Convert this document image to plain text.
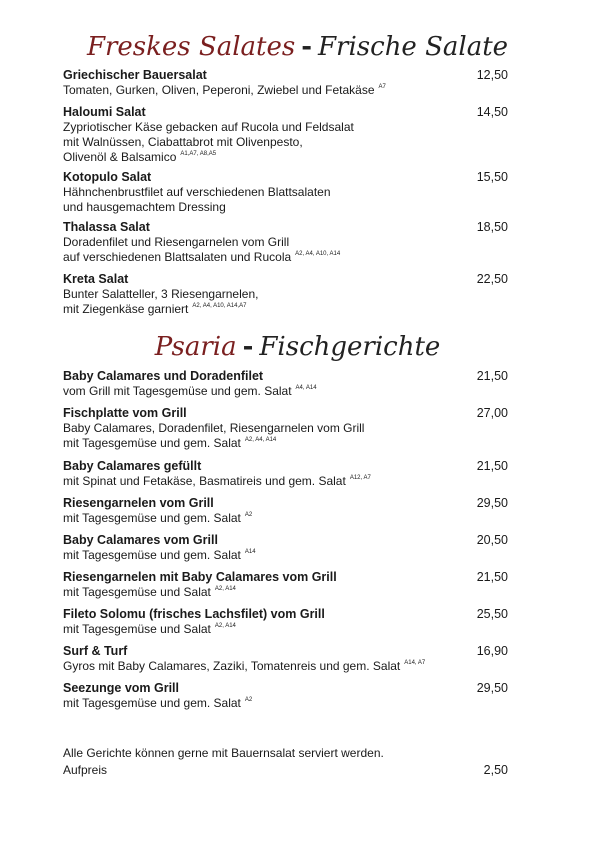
Freskes Salates - Frische Salate
Griechischer Bauersalat
Tomaten, Gurken, Oliven, Peperoni, Zwiebel und Fetakäse $^{A7}$
12,50
Haloumi Salat
Zypriotischer Käse gebacken auf Rucola und Feldsalat
mit Walnüssen, Ciabattabrot mit Olivenpesto,
Olivenöl & Balsamico $^{A1,A7, A8,A5}$
14,50
Kotopulo Salat
Hähnchenbrustfilet auf verschiedenen Blattsalaten
und hausgemachtem Dressing
15,50
Thalassa Salat
Doradenfilet und Riesengarnelen vom Grill
auf verschiedenen Blattsalaten und Rucola $^{A2, A4, A10, A14}$
18,50
Kreta Salat
Bunter Salatteller, 3 Riesengarnelen,
mit Ziegenkäse garniert $^{A2, A4, A10, A14,A7}$
22,50
Psaria - Fischgerichte
Baby Calamares und Doradenfilet
vom Grill mit Tagesgemüse und gem. Salat $^{A4, A14}$
21,50
Fischplatte vom Grill
Baby Calamares, Doradenfilet, Riesengarnelen vom Grill
mit Tagesgemüse und gem. Salat $^{A2, A4, A14}$
27,00
Baby Calamares gefüllt
mit Spinat und Fetakäse, Basmatireis und gem. Salat $^{A12, A7}$
21,50
Riesengarnelen vom Grill
mit Tagesgemüse und gem. Salat $^{A2}$
29,50
Baby Calamares vom Grill
mit Tagesgemüse und gem. Salat $^{A14}$
20,50
Riesengarnelen mit Baby Calamares vom Grill
mit Tagesgemüse und Salat $^{A2, A14}$
21,50
Fileto Solomu (frisches Lachsfilet) vom Grill
mit Tagesgemüse und Salat $^{A2, A14}$
25,50
Surf & Turf
Gyros mit Baby Calamares, Zaziki, Tomatenreis und gem. Salat $^{A14, A7}$
16,90
Seezunge vom Grill
mit Tagesgemüse und gem. Salat $^{A2}$
29,50
Alle Gerichte können gerne mit Bauernsalat serviert werden.
Aufpreis	2,50
